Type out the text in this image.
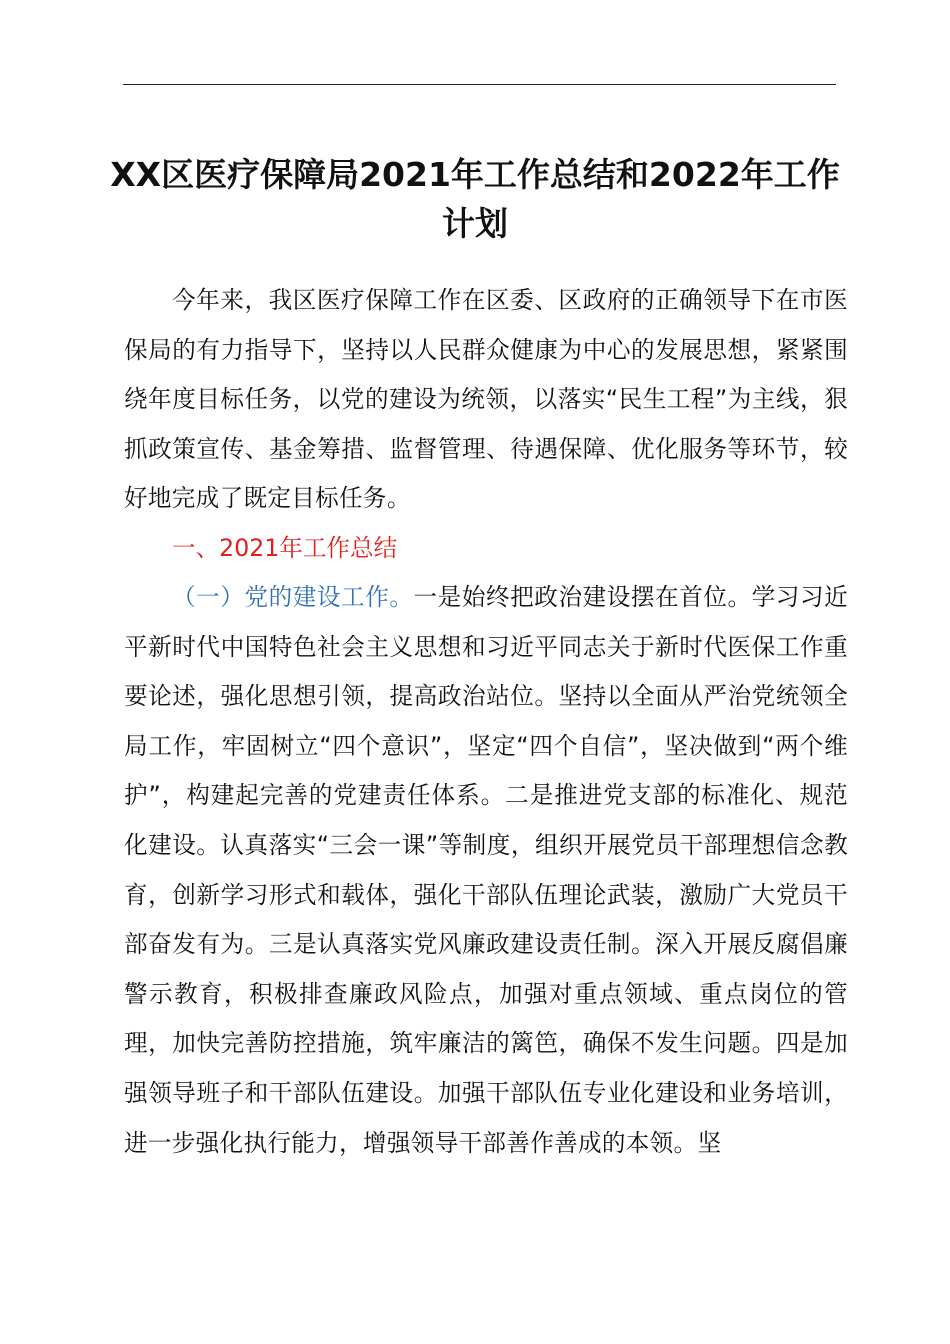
XX区医疗保障局2021年工作总结和2022年工作计划

今年来，我区医疗保障工作在区委、区政府的正确领导下在市医保局的有力指导下，坚持以人民群众健康为中心的发展思想，紧紧围绕年度目标任务，以党的建设为统领，以落实“民生工程”为主线，狠抓政策宣传、基金筹措、监督管理、待遇保障、优化服务等环节，较好地完成了既定目标任务。

一、2021年工作总结

（一）党的建设工作。一是始终把政治建设摆在首位。学习习近平新时代中国特色社会主义思想和习近平同志关于新时代医保工作重要论述，强化思想引领，提高政治站位。坚持以全面从严治党统领全局工作，牢固树立“四个意识”，坚定“四个自信”，坚决做到“两个维护”，构建起完善的党建责任体系。二是推进党支部的标准化、规范化建设。认真落实“三会一课”等制度，组织开展党员干部理想信念教育，创新学习形式和载体，强化干部队伍理论武装，激励广大党员干部奋发有为。三是认真落实党风廉政建设责任制。深入开展反腐倡廉警示教育，积极排查廉政风险点，加强对重点领域、重点岗位的管理，加快完善防控措施，筑牢廉洁的篱笆，确保不发生问题。四是加强领导班子和干部队伍建设。加强干部队伍专业化建设和业务培训，进一步强化执行能力，增强领导干部善作善成的本领。坚
